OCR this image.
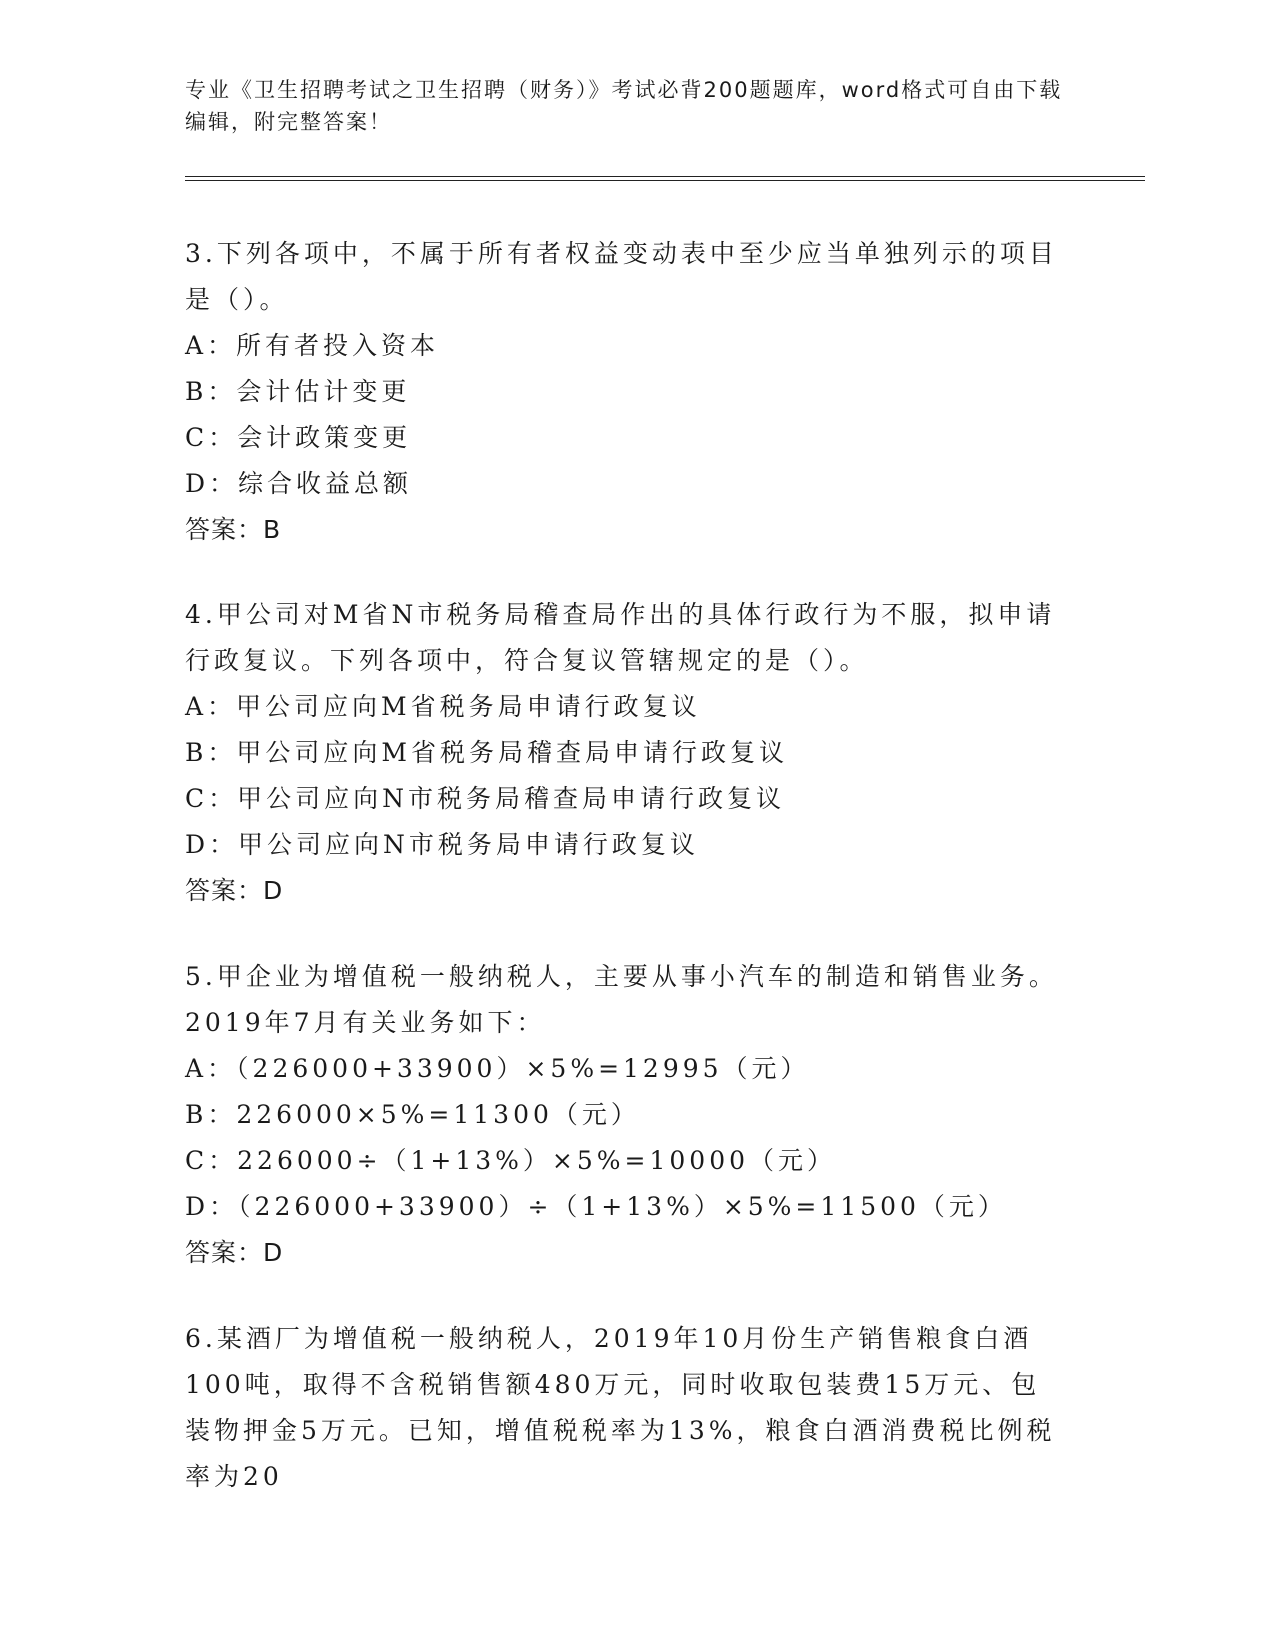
专业《卫生招聘考试之卫生招聘（财务）》考试必背200题题库，word格式可自由下载编辑，附完整答案！
3.下列各项中，不属于所有者权益变动表中至少应当单独列示的项目是（）。
A：所有者投入资本
B：会计估计变更
C：会计政策变更
D：综合收益总额
答案：B
4.甲公司对M省N市税务局稽查局作出的具体行政行为不服，拟申请行政复议。下列各项中，符合复议管辖规定的是（）。
A：甲公司应向M省税务局申请行政复议
B：甲公司应向M省税务局稽查局申请行政复议
C：甲公司应向N市税务局稽查局申请行政复议
D：甲公司应向N市税务局申请行政复议
答案：D
5.甲企业为增值税一般纳税人，主要从事小汽车的制造和销售业务。2019年7月有关业务如下：
A：（226000+33900）×5%=12995（元）
B：226000×5%=11300（元）
C：226000÷（1+13%）×5%=10000（元）
D：（226000+33900）÷（1+13%）×5%=11500（元）
答案：D
6.某酒厂为增值税一般纳税人，2019年10月份生产销售粮食白酒100吨，取得不含税销售额480万元，同时收取包装费15万元、包装物押金5万元。已知，增值税税率为13%，粮食白酒消费税比例税率为20
